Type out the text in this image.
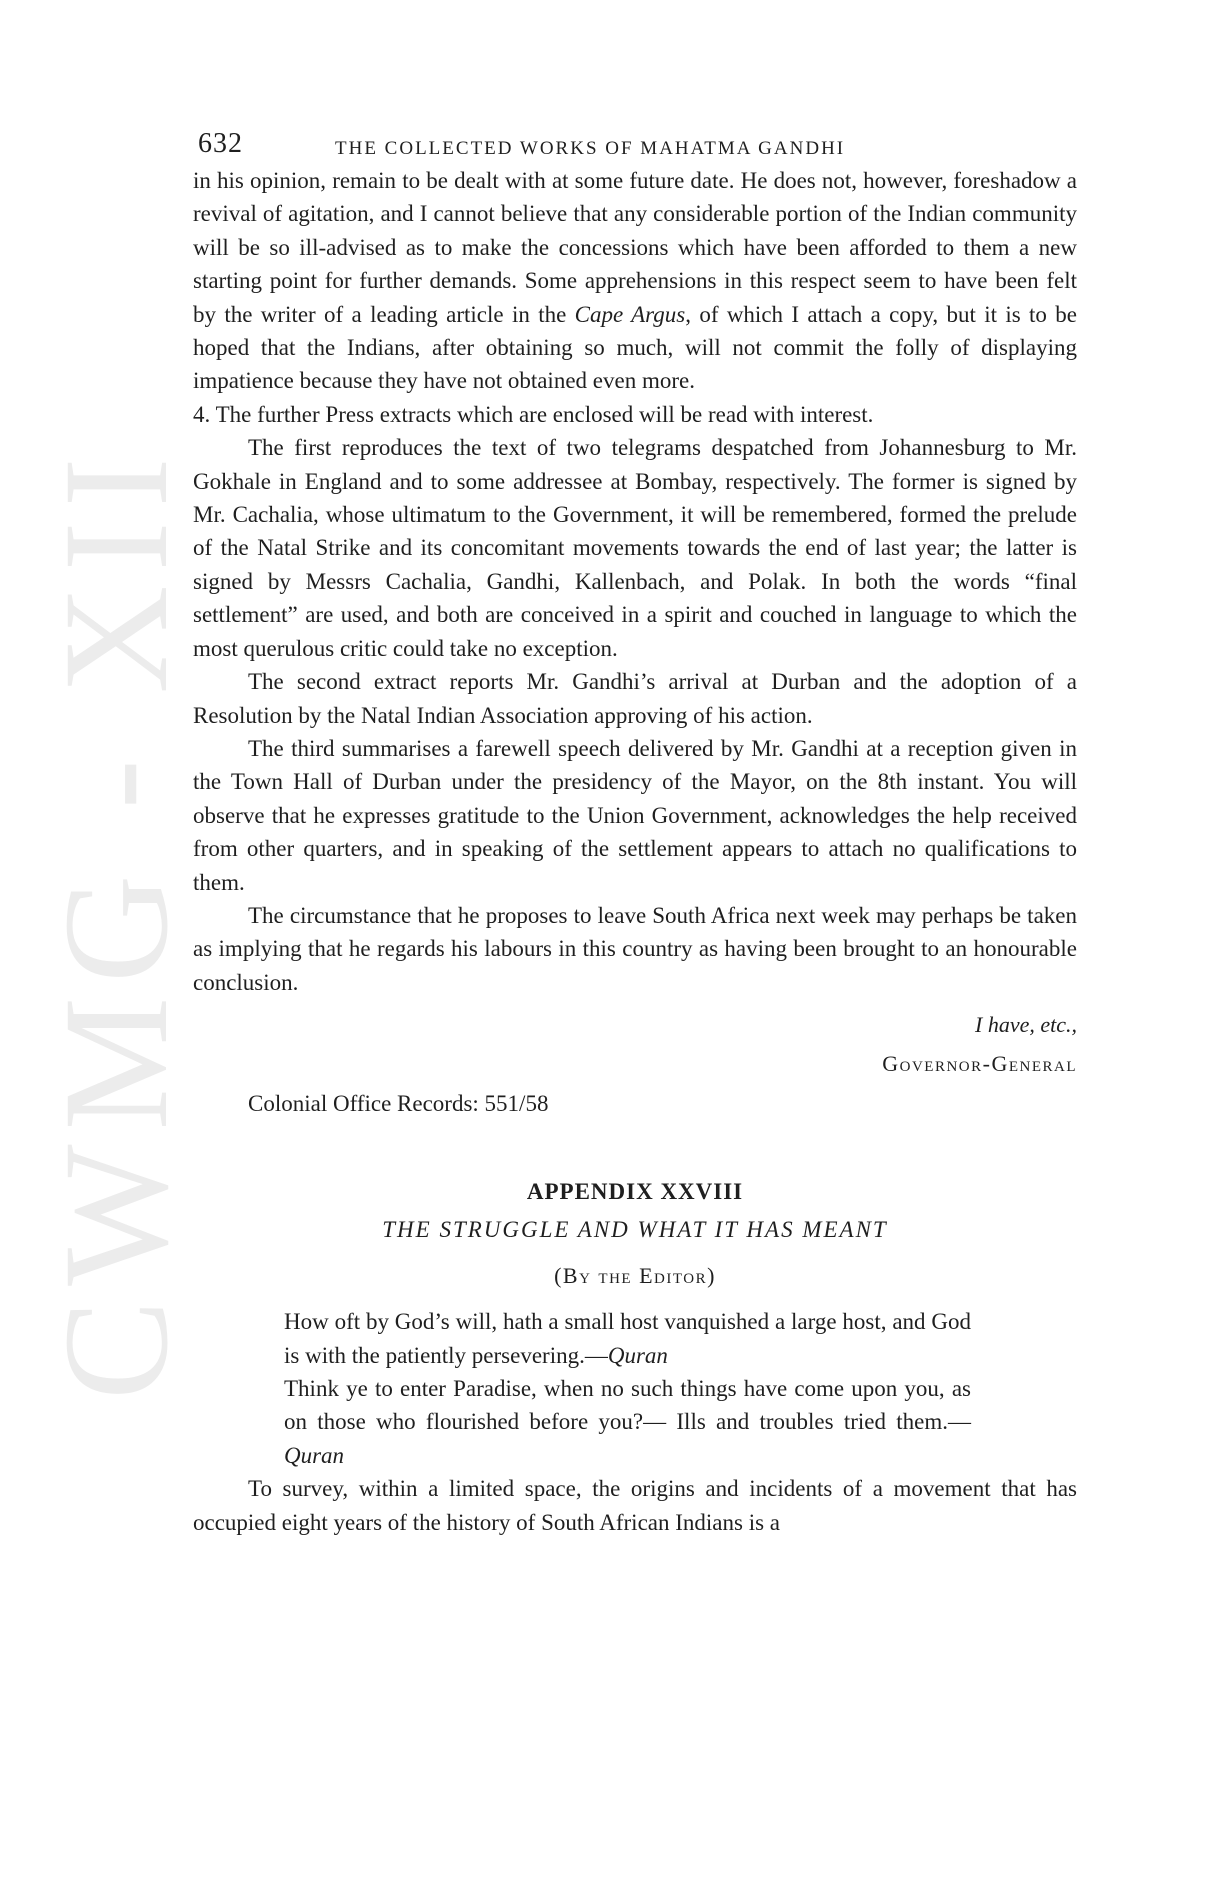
CWMG - XII
632	THE COLLECTED WORKS OF MAHATMA GANDHI

in his opinion, remain to be dealt with at some future date. He does not, however, foreshadow a revival of agitation, and I cannot believe that any considerable portion of the Indian community will be so ill-advised as to make the concessions which have been afforded to them a new starting point for further demands. Some apprehensions in this respect seem to have been felt by the writer of a leading article in the Cape Argus, of which I attach a copy, but it is to be hoped that the Indians, after obtaining so much, will not commit the folly of displaying impatience because they have not obtained even more.

4. The further Press extracts which are enclosed will be read with interest.

The first reproduces the text of two telegrams despatched from Johannesburg to Mr. Gokhale in England and to some addressee at Bombay, respectively. The former is signed by Mr. Cachalia, whose ultimatum to the Government, it will be remembered, formed the prelude of the Natal Strike and its concomitant movements towards the end of last year; the latter is signed by Messrs Cachalia, Gandhi, Kallenbach, and Polak. In both the words “final settlement” are used, and both are conceived in a spirit and couched in language to which the most querulous critic could take no exception.

The second extract reports Mr. Gandhi’s arrival at Durban and the adoption of a Resolution by the Natal Indian Association approving of his action.

The third summarises a farewell speech delivered by Mr. Gandhi at a reception given in the Town Hall of Durban under the presidency of the Mayor, on the 8th instant. You will observe that he expresses gratitude to the Union Government, acknowledges the help received from other quarters, and in speaking of the settlement appears to attach no qualifications to them.

The circumstance that he proposes to leave South Africa next week may perhaps be taken as implying that he regards his labours in this country as having been brought to an honourable conclusion.

I have, etc.,
Governor-General
Colonial Office Records: 551/58
APPENDIX XXVIII
THE STRUGGLE AND WHAT IT HAS MEANT
(By the Editor)

How oft by God’s will, hath a small host vanquished a large host, and God is with the patiently persevering.—Quran

Think ye to enter Paradise, when no such things have come upon you, as on those who flourished before you?— Ills and troubles tried them.—Quran

To survey, within a limited space, the origins and incidents of a movement that has occupied eight years of the history of South African Indians is a
